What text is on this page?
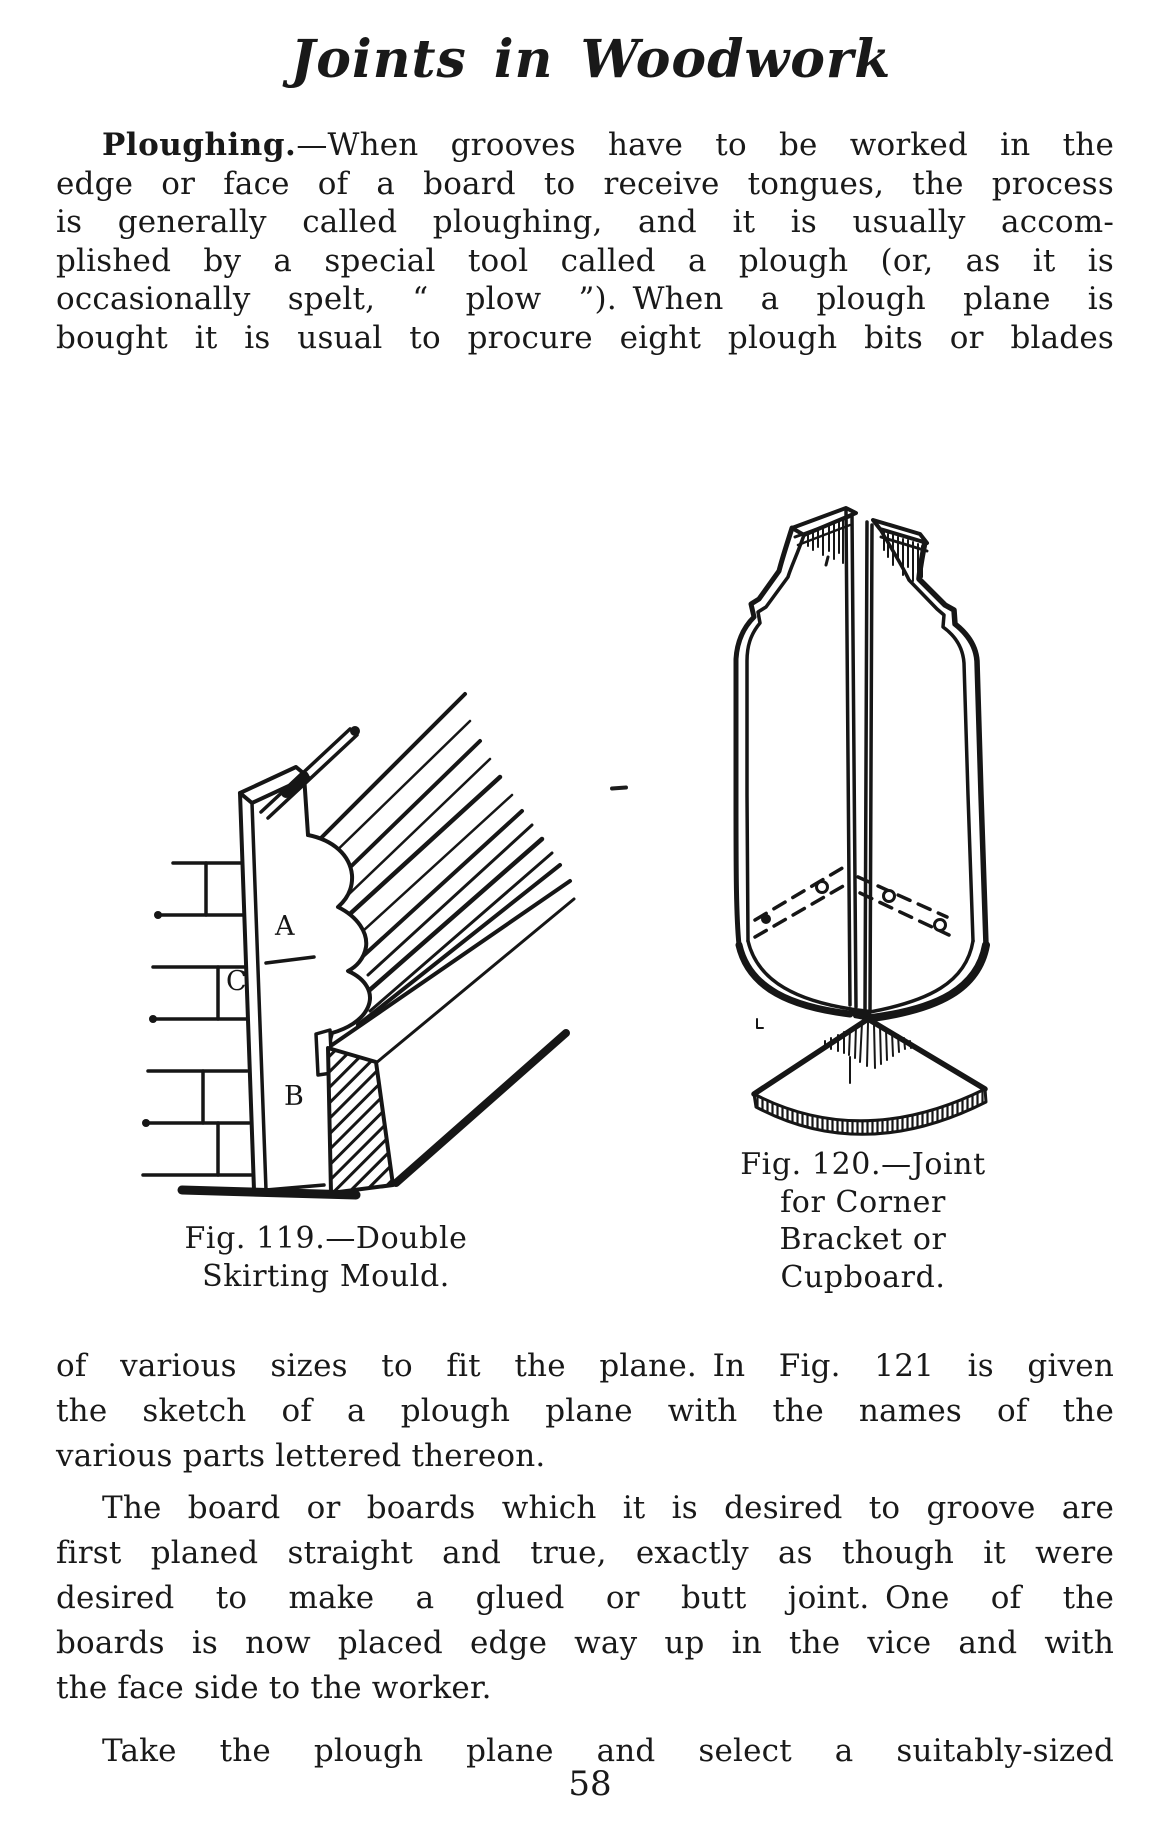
Joints in Woodwork
Ploughing.—When grooves have to be worked in the
edge or face of a board to receive tongues, the process
is generally called ploughing, and it is usually accom-
plished by a special tool called a plough (or, as it is
occasionally spelt, “ plow ”). When a plough plane is
bought it is usual to procure eight plough bits or blades
A
B
C
Fig. 119.—Double
Skirting Mould.
Fig. 120.—Joint
for Corner
Bracket or
Cupboard.
of various sizes to fit the plane. In Fig. 121 is given
the sketch of a plough plane with the names of the
various parts lettered thereon.
The board or boards which it is desired to groove are
first planed straight and true, exactly as though it were
desired to make a glued or butt joint. One of the
boards is now placed edge way up in the vice and with
the face side to the worker.
Take the plough plane and select a suitably-sized
58
